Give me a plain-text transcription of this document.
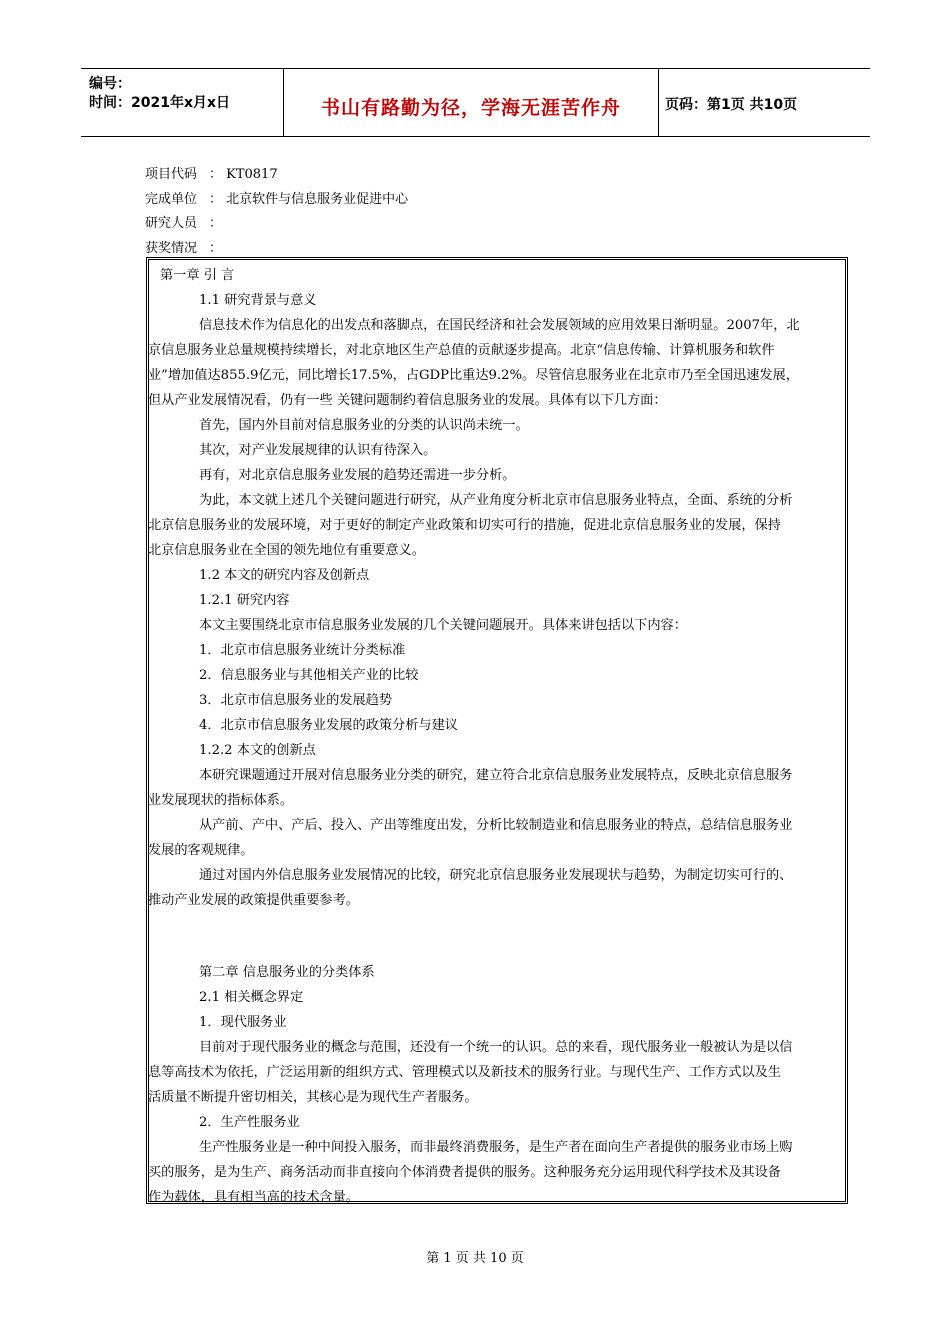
编号：
时间：2021年x月x日	书山有路勤为径，学海无涯苦作舟	页码：第1页 共10页
项目代码 ： KT0817
完成单位 ： 北京软件与信息服务业促进中心
研究人员 ：
获奖情况 ：
第一章 引 言
1.1 研究背景与意义
信息技术作为信息化的出发点和落脚点，在国民经济和社会发展领域的应用效果日渐明显。2007年，北
京信息服务业总量规模持续增长，对北京地区生产总值的贡献逐步提高。北京“信息传输、计算机服务和软件
业”增加值达855.9亿元，同比增长17.5%，占GDP比重达9.2%。尽管信息服务业在北京市乃至全国迅速发展，
但从产业发展情况看，仍有一些 关键问题制约着信息服务业的发展。具体有以下几方面：
首先，国内外目前对信息服务业的分类的认识尚未统一。
其次，对产业发展规律的认识有待深入。
再有，对北京信息服务业发展的趋势还需进一步分析。
为此，本文就上述几个关键问题进行研究，从产业角度分析北京市信息服务业特点，全面、系统的分析
北京信息服务业的发展环境，对于更好的制定产业政策和切实可行的措施，促进北京信息服务业的发展，保持
北京信息服务业在全国的领先地位有重要意义。
1.2 本文的研究内容及创新点
1.2.1 研究内容
本文主要围绕北京市信息服务业发展的几个关键问题展开。具体来讲包括以下内容：
1．北京市信息服务业统计分类标准
2．信息服务业与其他相关产业的比较
3．北京市信息服务业的发展趋势
4．北京市信息服务业发展的政策分析与建议
1.2.2 本文的创新点
本研究课题通过开展对信息服务业分类的研究，建立符合北京信息服务业发展特点，反映北京信息服务
业发展现状的指标体系。
从产前、产中、产后、投入、产出等维度出发，分析比较制造业和信息服务业的特点，总结信息服务业
发展的客观规律。
通过对国内外信息服务业发展情况的比较，研究北京信息服务业发展现状与趋势，为制定切实可行的、
推动产业发展的政策提供重要参考。
第二章 信息服务业的分类体系
2.1 相关概念界定
1．现代服务业
目前对于现代服务业的概念与范围，还没有一个统一的认识。总的来看，现代服务业一般被认为是以信
息等高技术为依托，广泛运用新的组织方式、管理模式以及新技术的服务行业。与现代生产、工作方式以及生
活质量不断提升密切相关，其核心是为现代生产者服务。
2．生产性服务业
生产性服务业是一种中间投入服务，而非最终消费服务，是生产者在面向生产者提供的服务业市场上购
买的服务，是为生产、商务活动而非直接向个体消费者提供的服务。这种服务充分运用现代科学技术及其设备
作为载体，具有相当高的技术含量。
第 1 页 共 10 页
